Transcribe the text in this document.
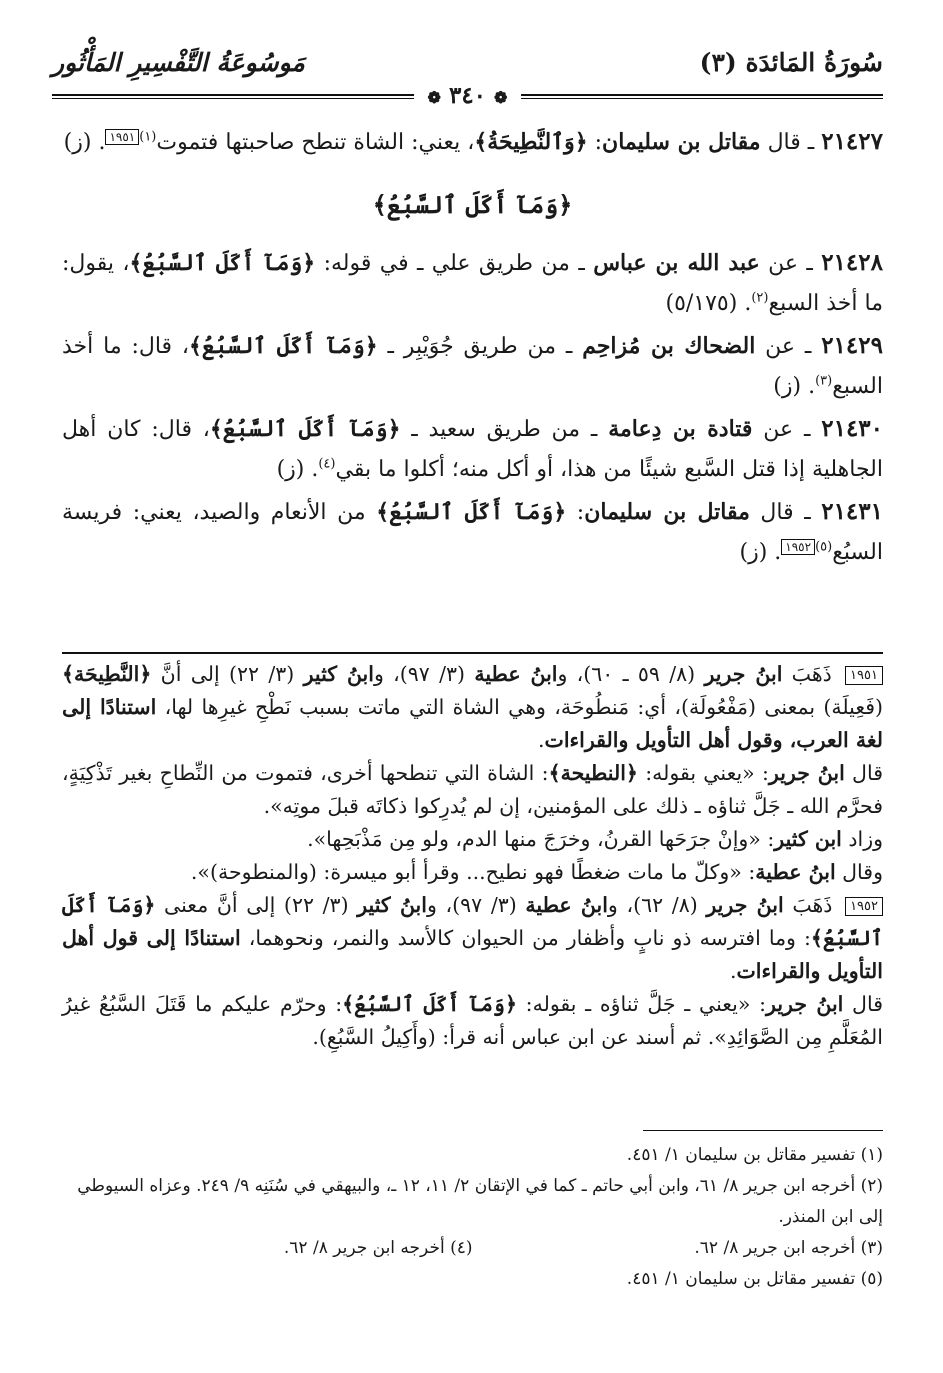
سُورَةُ المَائدَة (٣)
مَوسُوعَةُ التَّفْسِيرِ المَأْثُور
❁ ٣٤٠ ❁

٢١٤٢٧ ـ قال مقاتل بن سليمان: ﴿وَٱلنَّطِيحَةُ﴾، يعني: الشاة تنطح صاحبتها فتموت$^{(١)}$١٩٥١. (ز)

﴿وَمَآ أَكَلَ ٱلسَّبُعُ﴾

٢١٤٢٨ ـ عن عبد الله بن عباس ـ من طريق علي ـ في قوله: ﴿وَمَآ أَكَلَ ٱلسَّبُعُ﴾، يقول: ما أخذ السبع$^{(٢)}$. (٥/١٧٥)

٢١٤٢٩ ـ عن الضحاك بن مُزاحِم ـ من طريق جُوَيْبِر ـ ﴿وَمَآ أَكَلَ ٱلسَّبُعُ﴾، قال: ما أخذ السبع$^{(٣)}$. (ز)

٢١٤٣٠ ـ عن قتادة بن دِعامة ـ من طريق سعيد ـ ﴿وَمَآ أَكَلَ ٱلسَّبُعُ﴾، قال: كان أهل الجاهلية إذا قتل السَّبع شيئًا من هذا، أو أكل منه؛ أكلوا ما بقي$^{(٤)}$. (ز)

٢١٤٣١ ـ قال مقاتل بن سليمان: ﴿وَمَآ أَكَلَ ٱلسَّبُعُ﴾ من الأنعام والصيد، يعني: فريسة السبُع$^{(٥)}$١٩٥٢. (ز)

١٩٥١ ذَهَبَ ابنُ جرير (٨/ ٥٩ ـ ٦٠)، وابنُ عطية (٣/ ٩٧)، وابنُ كثير (٣/ ٢٢) إلى أنَّ ﴿النَّطِيحَة﴾ (فَعِيلَة) بمعنى (مَفْعُولَة)، أي: مَنطُوحَة، وهي الشاة التي ماتت بسبب نَطْحِ غيرِها لها، استنادًا إلى لغة العرب، وقول أهل التأويل والقراءات.

قال ابنُ جرير: «يعني بقوله: ﴿النطيحة﴾: الشاة التي تنطحها أخرى، فتموت من النِّطاحِ بغير تَذْكِيَةٍ، فحرَّم الله ـ جَلَّ ثناؤه ـ ذلك على المؤمنين، إن لم يُدرِكوا ذكاتَه قبلَ موتِه».

وزاد ابن كثير: «وإنْ جرَحَها القرنُ، وخرَجَ منها الدم، ولو مِن مَذْبَحِها».

وقال ابنُ عطية: «وكلّ ما مات ضغطًا فهو نطيح... وقرأ أبو ميسرة: (والمنطوحة)».

١٩٥٢ ذَهَبَ ابنُ جرير (٨/ ٦٢)، وابنُ عطية (٣/ ٩٧)، وابنُ كثير (٣/ ٢٢) إلى أنَّ معنى ﴿وَمَآ أَكَلَ ٱلسَّبُعُ﴾: وما افترسه ذو نابٍ وأظفار من الحيوان كالأسد والنمر، ونحوهما، استنادًا إلى قول أهل التأويل والقراءات.

قال ابنُ جرير: «يعني ـ جَلَّ ثناؤه ـ بقوله: ﴿وَمَآ أَكَلَ ٱلسَّبُعُ﴾: وحرّم عليكم ما قَتَلَ السَّبُعُ غيرُ المُعَلَّمِ مِن الصَّوَائِدِ». ثم أسند عن ابن عباس أنه قرأ: (وأَكِيلُ السَّبُعِ).

(١) تفسير مقاتل بن سليمان ١/ ٤٥١.

(٢) أخرجه ابن جرير ٨/ ٦١، وابن أبي حاتم ـ كما في الإتقان ٢/ ١١، ١٢ ـ، والبيهقي في سُنَنِه ٩/ ٢٤٩. وعزاه السيوطي إلى ابن المنذر.

(٣) أخرجه ابن جرير ٨/ ٦٢.
(٤) أخرجه ابن جرير ٨/ ٦٢.

(٥) تفسير مقاتل بن سليمان ١/ ٤٥١.
